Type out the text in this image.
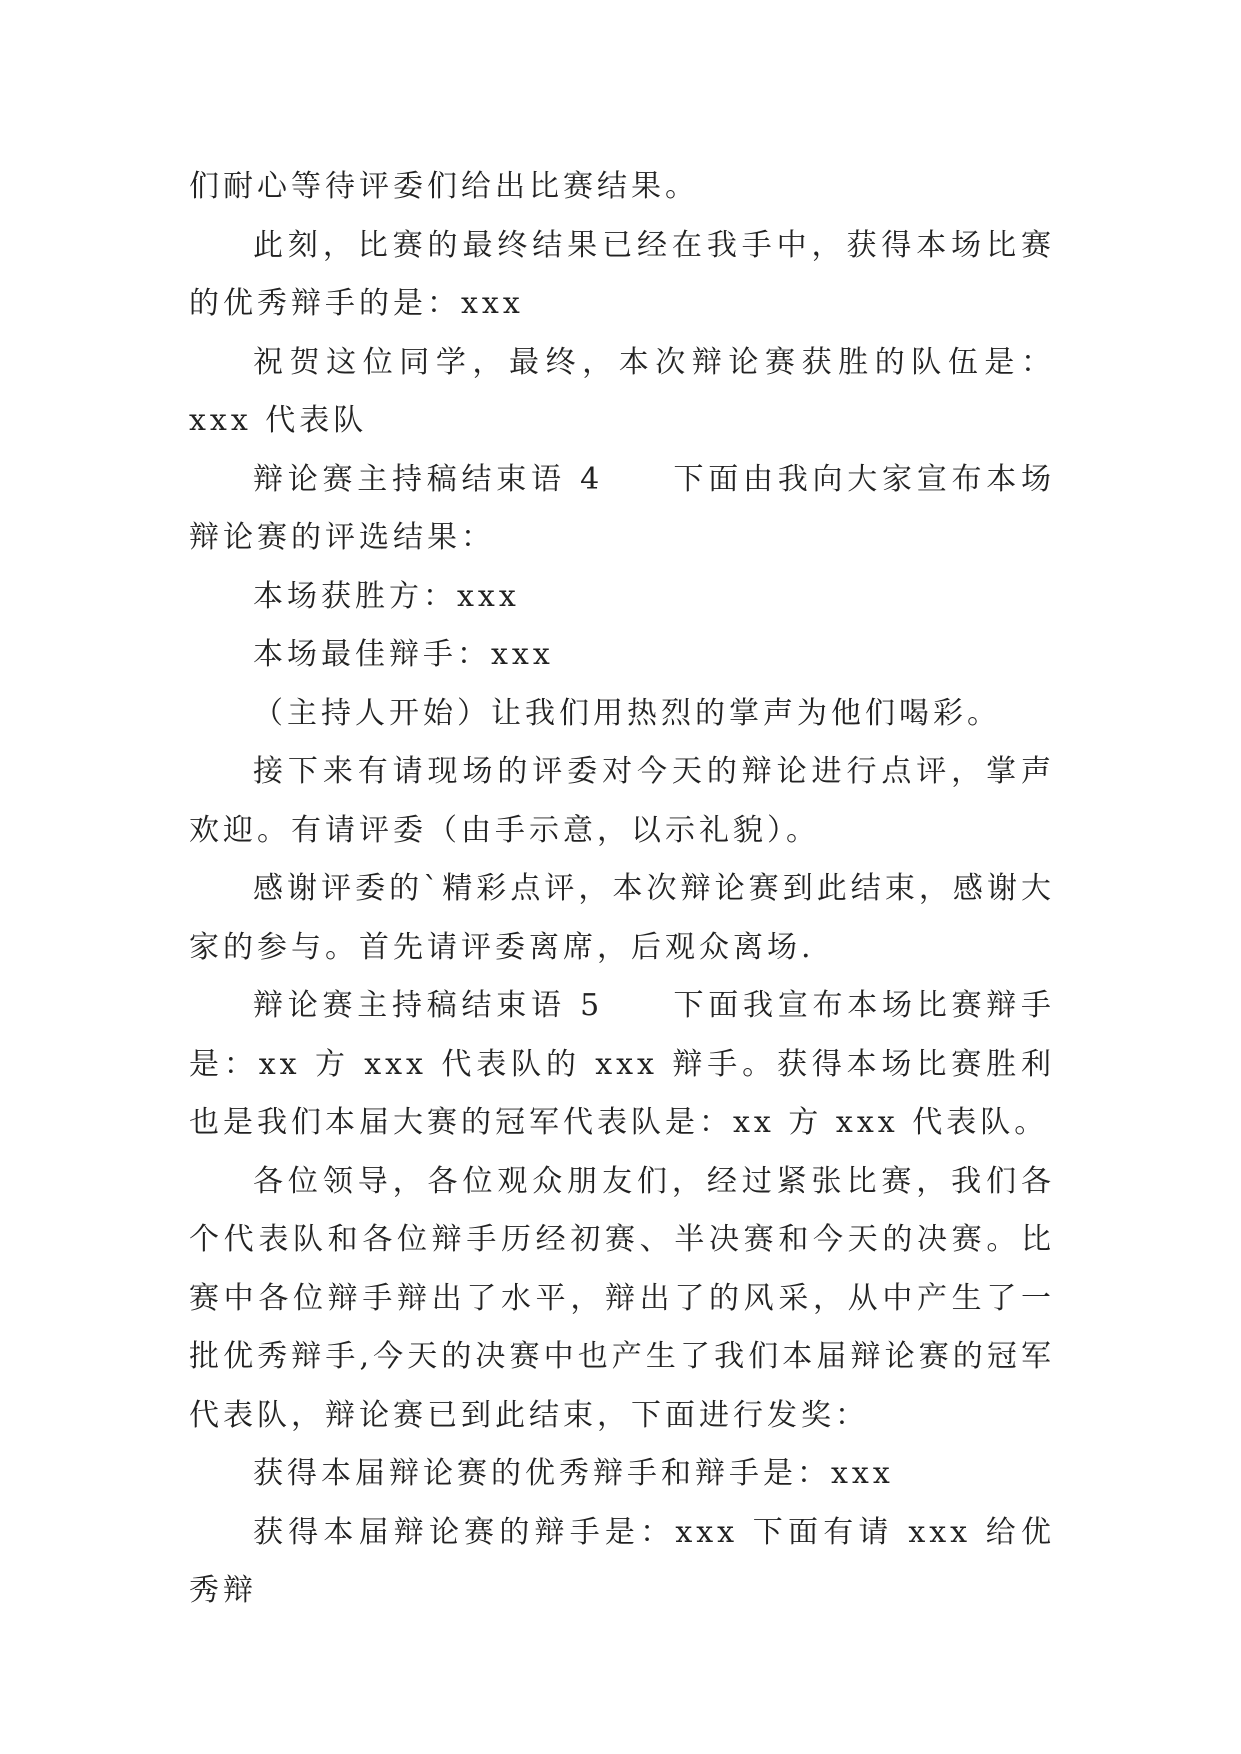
们耐心等待评委们给出比赛结果。

此刻，比赛的最终结果已经在我手中，获得本场比赛的优秀辩手的是：xxx

祝贺这位同学，最终，本次辩论赛获胜的队伍是：xxx 代表队

辩论赛主持稿结束语 4　　下面由我向大家宣布本场辩论赛的评选结果：

本场获胜方：xxx

本场最佳辩手：xxx

（主持人开始）让我们用热烈的掌声为他们喝彩。

接下来有请现场的评委对今天的辩论进行点评，掌声欢迎。有请评委（由手示意，以示礼貌）。

感谢评委的`精彩点评，本次辩论赛到此结束，感谢大家的参与。首先请评委离席，后观众离场.

辩论赛主持稿结束语 5　　下面我宣布本场比赛辩手是：xx 方 xxx 代表队的 xxx 辩手。获得本场比赛胜利也是我们本届大赛的冠军代表队是：xx 方 xxx 代表队。

各位领导，各位观众朋友们，经过紧张比赛，我们各个代表队和各位辩手历经初赛、半决赛和今天的决赛。比赛中各位辩手辩出了水平，辩出了的风采，从中产生了一批优秀辩手,今天的决赛中也产生了我们本届辩论赛的冠军代表队，辩论赛已到此结束，下面进行发奖：

获得本届辩论赛的优秀辩手和辩手是：xxx

获得本届辩论赛的辩手是：xxx 下面有请 xxx 给优秀辩
